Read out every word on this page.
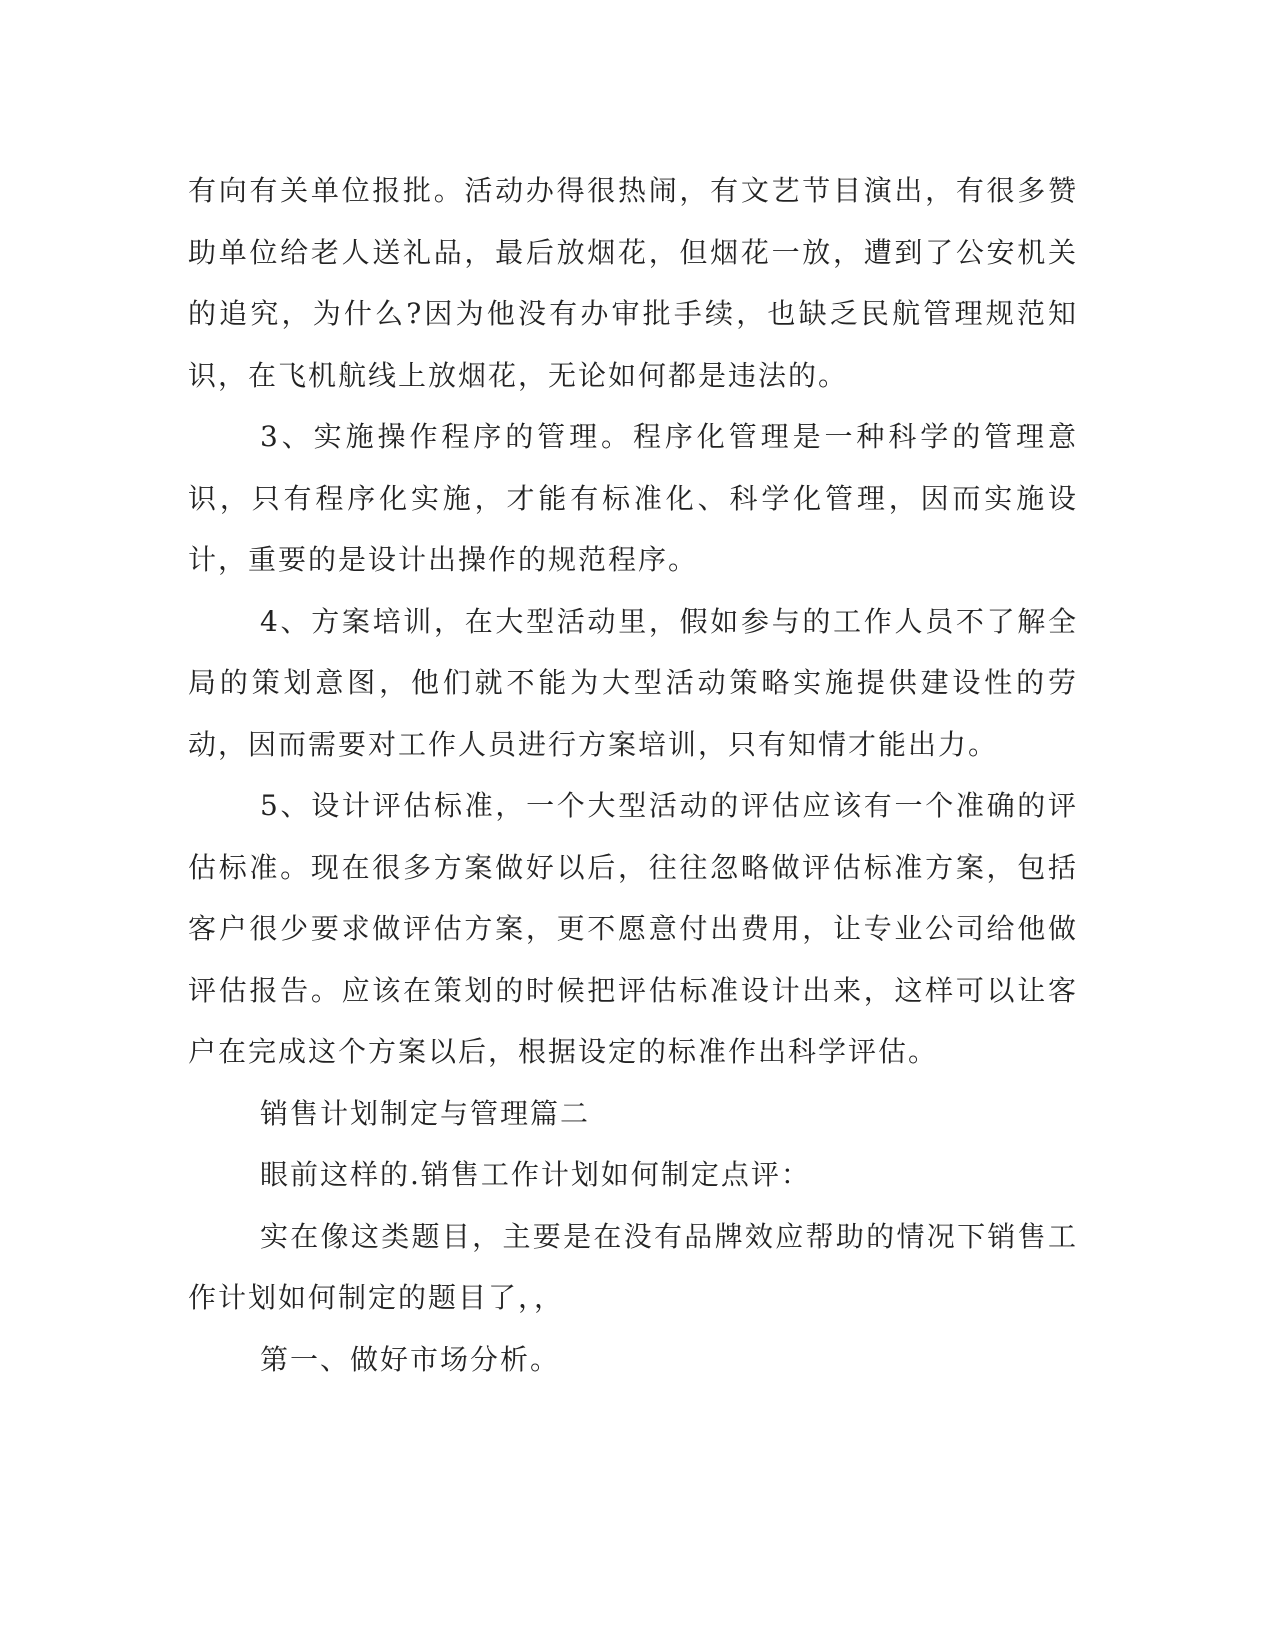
有向有关单位报批。活动办得很热闹，有文艺节目演出，有很多赞助单位给老人送礼品，最后放烟花，但烟花一放，遭到了公安机关的追究，为什么?因为他没有办审批手续，也缺乏民航管理规范知识，在飞机航线上放烟花，无论如何都是违法的。

3、实施操作程序的管理。程序化管理是一种科学的管理意识，只有程序化实施，才能有标准化、科学化管理，因而实施设计，重要的是设计出操作的规范程序。

4、方案培训，在大型活动里，假如参与的工作人员不了解全局的策划意图，他们就不能为大型活动策略实施提供建设性的劳动，因而需要对工作人员进行方案培训，只有知情才能出力。

5、设计评估标准，一个大型活动的评估应该有一个准确的评估标准。现在很多方案做好以后，往往忽略做评估标准方案，包括客户很少要求做评估方案，更不愿意付出费用，让专业公司给他做评估报告。应该在策划的时候把评估标准设计出来，这样可以让客户在完成这个方案以后，根据设定的标准作出科学评估。

销售计划制定与管理篇二

眼前这样的.销售工作计划如何制定点评：

实在像这类题目，主要是在没有品牌效应帮助的情况下销售工作计划如何制定的题目了，，

第一、做好市场分析。
